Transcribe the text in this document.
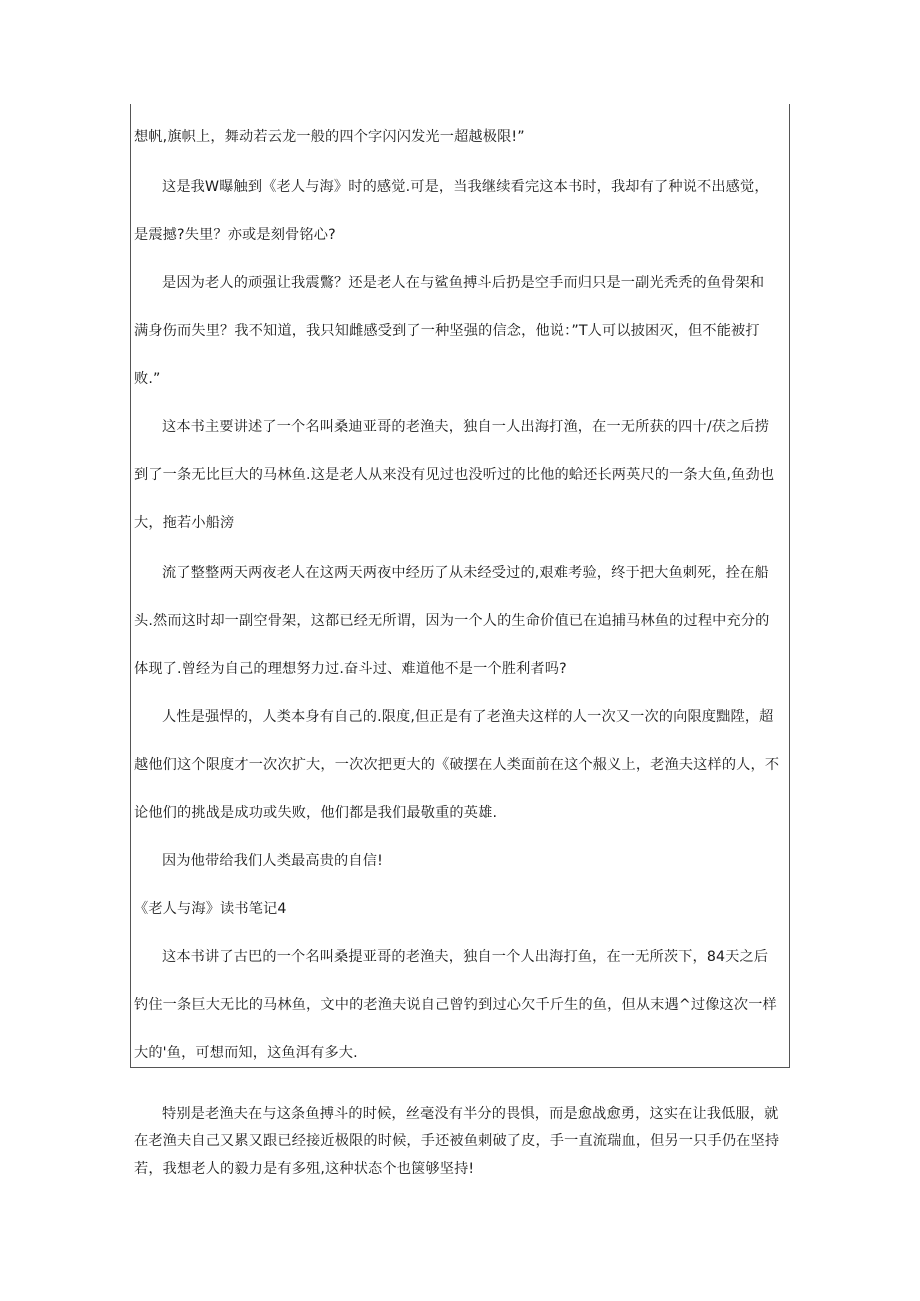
想帆,旗帜上，舞动若云龙一般的四个字闪闪发光一超越极限!”
这是我W曝触到《老人与海》时的感觉.可是，当我继续看完这本书时，我却有了种说不出感觉，
是震撼?失里？亦或是刻骨铭心?
是因为老人的顽强让我震鷩？还是老人在与鲨鱼搏斗后扔是空手而归只是一副光秃秃的鱼骨架和
满身伤而失里？我不知道，我只知雌感受到了一种坚强的信念，他说：”T人可以披困灭，但不能被打
败.”
这本书主要讲述了一个名叫桑迪亚哥的老渔夫，独自一人出海打渔，在一无所获的四十/茯之后捞
到了一条无比巨大的马林鱼.这是老人从来没有见过也没听过的比他的蛤还长两英尺的一条大鱼,鱼劲也
大，拖若小船滂
流了整整两天两夜老人在这两天两夜中经历了从未经受过的,艰难考验，终于把大鱼刺死，拴在船
头.然而这时却一副空骨架，这都已经无所谓，因为一个人的生命价值已在追捕马林鱼的过程中充分的
体现了.曾经为自己的理想努力过.奋斗过、难道他不是一个胜利者吗?
人性是强悍的，人类本身有自己的.限度,但正是有了老渔夫这样的人一次又一次的向限度黜陞，超
越他们这个限度才一次次扩大，一次次把更大的《破摆在人类面前在这个赧义上，老渔夫这样的人，不
论他们的挑战是成功或失败，他们都是我们最敬重的英雄.
因为他带给我们人类最高贵的自信!
《老人与海》读书笔记4
这本书讲了古巴的一个名叫桑提亚哥的老渔夫，独自一个人出海打鱼，在一无所茨下，84天之后
钓住一条巨大无比的马林鱼，文中的老渔夫说自己曾钓到过心欠千斤生的鱼，但从末遇^过像这次一样
大的'鱼，可想而知，这鱼洱有多大.
特别是老渔夫在与这条鱼搏斗的时候，丝毫没有半分的畏惧，而是愈战愈勇，这实在让我低服，就
在老渔夫自己又累又跟已经接近极限的时候，手还被鱼刺破了皮，手一直流瑞血，但另一只手仍在坚持
若，我想老人的毅力是有多殂,这种状态个也箧够坚持!
